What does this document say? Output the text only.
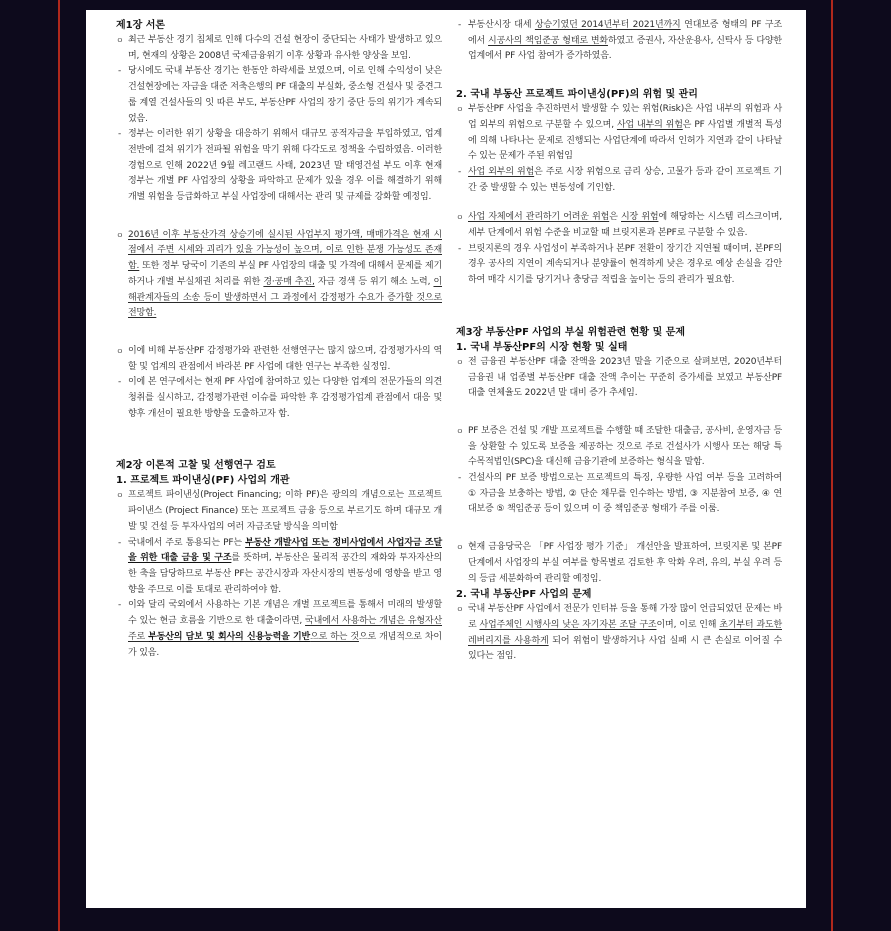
제1장 서론
ㅇ 최근 부동산 경기 침체로 인해 다수의 건설 현장이 중단되는 사태가 발생하고 있으며, 현재의 상황은 2008년 국제금융위기 이후 상황과 유사한 양상을 보임.
- 당시에도 국내 부동산 경기는 한동안 하락세를 보였으며, 이로 인해 수익성이 낮은 건설현장에는 자금을 대준 저축은행의 PF 대출의 부실화, 중소형 건설사 및 중견그룹 계열 건설사들의 잇 따른 부도, 부동산PF 사업의 장기 중단 등의 위기가 계속되었음.
- 정부는 이러한 위기 상황을 대응하기 위해서 대규모 공적자금을 투입하였고, 업계 전반에 걸쳐 위기가 전파될 위험을 막기 위해 다각도로 정책을 수립하였음. 이러한 경험으로 인해 2022년 9월 레고랜드 사태, 2023년 말 태영건설 부도 이후 현재 정부는 개별 PF 사업장의 상황을 파악하고 문제가 있을 경우 이를 해결하기 위해 개별 위험을 등급화하고 부실 사업장에 대해서는 관리 및 규제를 강화할 예정임.
ㅇ 2016년 이후 부동산가격 상승기에 실시된 사업부지 평가액, 매매가격은 현재 시점에서 주변 시세와 괴리가 있을 가능성이 높으며, 이로 인한 분쟁 가능성도 존재함. 또한 정부 당국이 기존의 부실 PF 사업장의 대출 및 가격에 대해서 문제를 제기하거나 개별 부실채권 처리를 위한 경·공매 추진, 자금 경색 등 위기 해소 노력, 이해관계자들의 소송 등이 발생하면서 그 과정에서 감정평가 수요가 증가할 것으로 전망함.
ㅇ 이에 비해 부동산PF 감정평가와 관련한 선행연구는 많지 않으며, 감정평가사의 역할 및 업계의 관점에서 바라본 PF 사업에 대한 연구는 부족한 실정임.
- 이에 본 연구에서는 현재 PF 사업에 참여하고 있는 다양한 업계의 전문가들의 의견청취를 실시하고, 감정평가관련 이슈를 파악한 후 감정평가업계 관점에서 대응 및 향후 개선이 필요한 방향을 도출하고자 함.
제2장 이론적 고찰 및 선행연구 검토
1. 프로젝트 파이낸싱(PF) 사업의 개관
ㅇ 프로젝트 파이낸싱(Project Financing; 이하 PF)은 광의의 개념으로는 프로젝트 파이낸스 (Project Finance) 또는 프로젝트 금융 등으로 부르기도 하며 대규모 개발 및 건설 등 투자사업의 여러 자금조달 방식을 의미함
- 국내에서 주로 통용되는 PF는 부동산 개발사업 또는 정비사업에서 사업자금 조달을 위한 대출 금융 및 구조를 뜻하며, 부동산은 물리적 공간의 재화와 투자자산의 한 축을 담당하므로 부동산 PF는 공간시장과 자산시장의 변동성에 영향을 받고 영향을 주므로 이를 토대로 관리하여야 함.
- 이와 달리 국외에서 사용하는 기본 개념은 개별 프로젝트를 통해서 미래의 발생할 수 있는 현금 흐름을 기반으로 한 대출이라면, 국내에서 사용하는 개념은 유형자산 주로 부동산의 담보 및 회사의 신용능력을 기반으로 하는 것으로 개념적으로 차이가 있음.
- 부동산시장 대세 상승기였던 2014년부터 2021년까지 연대보증 형태의 PF 구조에서 시공사의 책임준공 형태로 변화하였고 증권사, 자산운용사, 신탁사 등 다양한 업계에서 PF 사업 참여가 증가하였음.
2. 국내 부동산 프로젝트 파이낸싱(PF)의 위험 및 관리
ㅇ 부동산PF 사업을 추진하면서 발생할 수 있는 위험(Risk)은 사업 내부의 위험과 사업 외부의 위험으로 구분할 수 있으며, 사업 내부의 위험은 PF 사업별 개별적 특성에 의해 나타나는 문제로 진행되는 사업단계에 따라서 인허가 지연과 같이 나타날 수 있는 문제가 주된 위험임
- 사업 외부의 위험은 주로 시장 위험으로 금리 상승, 고물가 등과 같이 프로젝트 기간 중 발생할 수 있는 변동성에 기인함.
ㅇ 사업 자체에서 관리하기 어려운 위험은 시장 위험에 해당하는 시스템 리스크이며, 세부 단계에서 위험 수준을 비교할 때 브릿지론과 본PF로 구분할 수 있음.
- 브릿지론의 경우 사업성이 부족하거나 본PF 전환이 장기간 지연될 때이며, 본PF의 경우 공사의 지연이 계속되거나 분양률이 현격하게 낮은 경우로 예상 손실을 감안하여 매각 시기를 당기거나 충당금 적립을 높이는 등의 관리가 필요함.
제3장 부동산PF 사업의 부실 위험관련 현황 및 문제
1. 국내 부동산PF의 시장 현황 및 실태
ㅇ 전 금융권 부동산PF 대출 잔액을 2023년 말을 기준으로 살펴보면, 2020년부터 금융권 내 업종별 부동산PF 대출 잔액 추이는 꾸준히 증가세를 보였고 부동산PF 대출 연체율도 2022년 말 대비 증가 추세임.
ㅇ PF 보증은 건설 및 개발 프로젝트를 수행할 때 조달한 대출금, 공사비, 운영자금 등을 상환할 수 있도록 보증을 제공하는 것으로 주로 건설사가 시행사 또는 해당 특수목적법인(SPC)을 대신해 금융기관에 보증하는 형식을 말함.
- 건설사의 PF 보증 방법으로는 프로젝트의 특징, 우량한 사업 여부 등을 고려하여 ① 자금을 보충하는 방법, ② 단순 채무를 인수하는 방법, ③ 지분참여 보증, ④ 연대보증 ⑤ 책임준공 등이 있으며 이 중 책임준공 형태가 주를 이룸.
ㅇ 현재 금융당국은 「PF 사업장 평가 기준」 개선안을 발표하여, 브릿지론 및 본PF 단계에서 사업장의 부실 여부를 항목별로 검토한 후 악화 우려, 유의, 부실 우려 등의 등급 세분화하여 관리할 예정임.
2. 국내 부동산PF 사업의 문제
ㅇ 국내 부동산PF 사업에서 전문가 인터뷰 등을 통해 가장 많이 언급되었던 문제는 바로 사업주체인 시행사의 낮은 자기자본 조달 구조이며, 이로 인해 초기부터 과도한 레버리지를 사용하게 되어 위험이 발생하거나 사업 실패 시 큰 손실로 이어질 수 있다는 점임.
